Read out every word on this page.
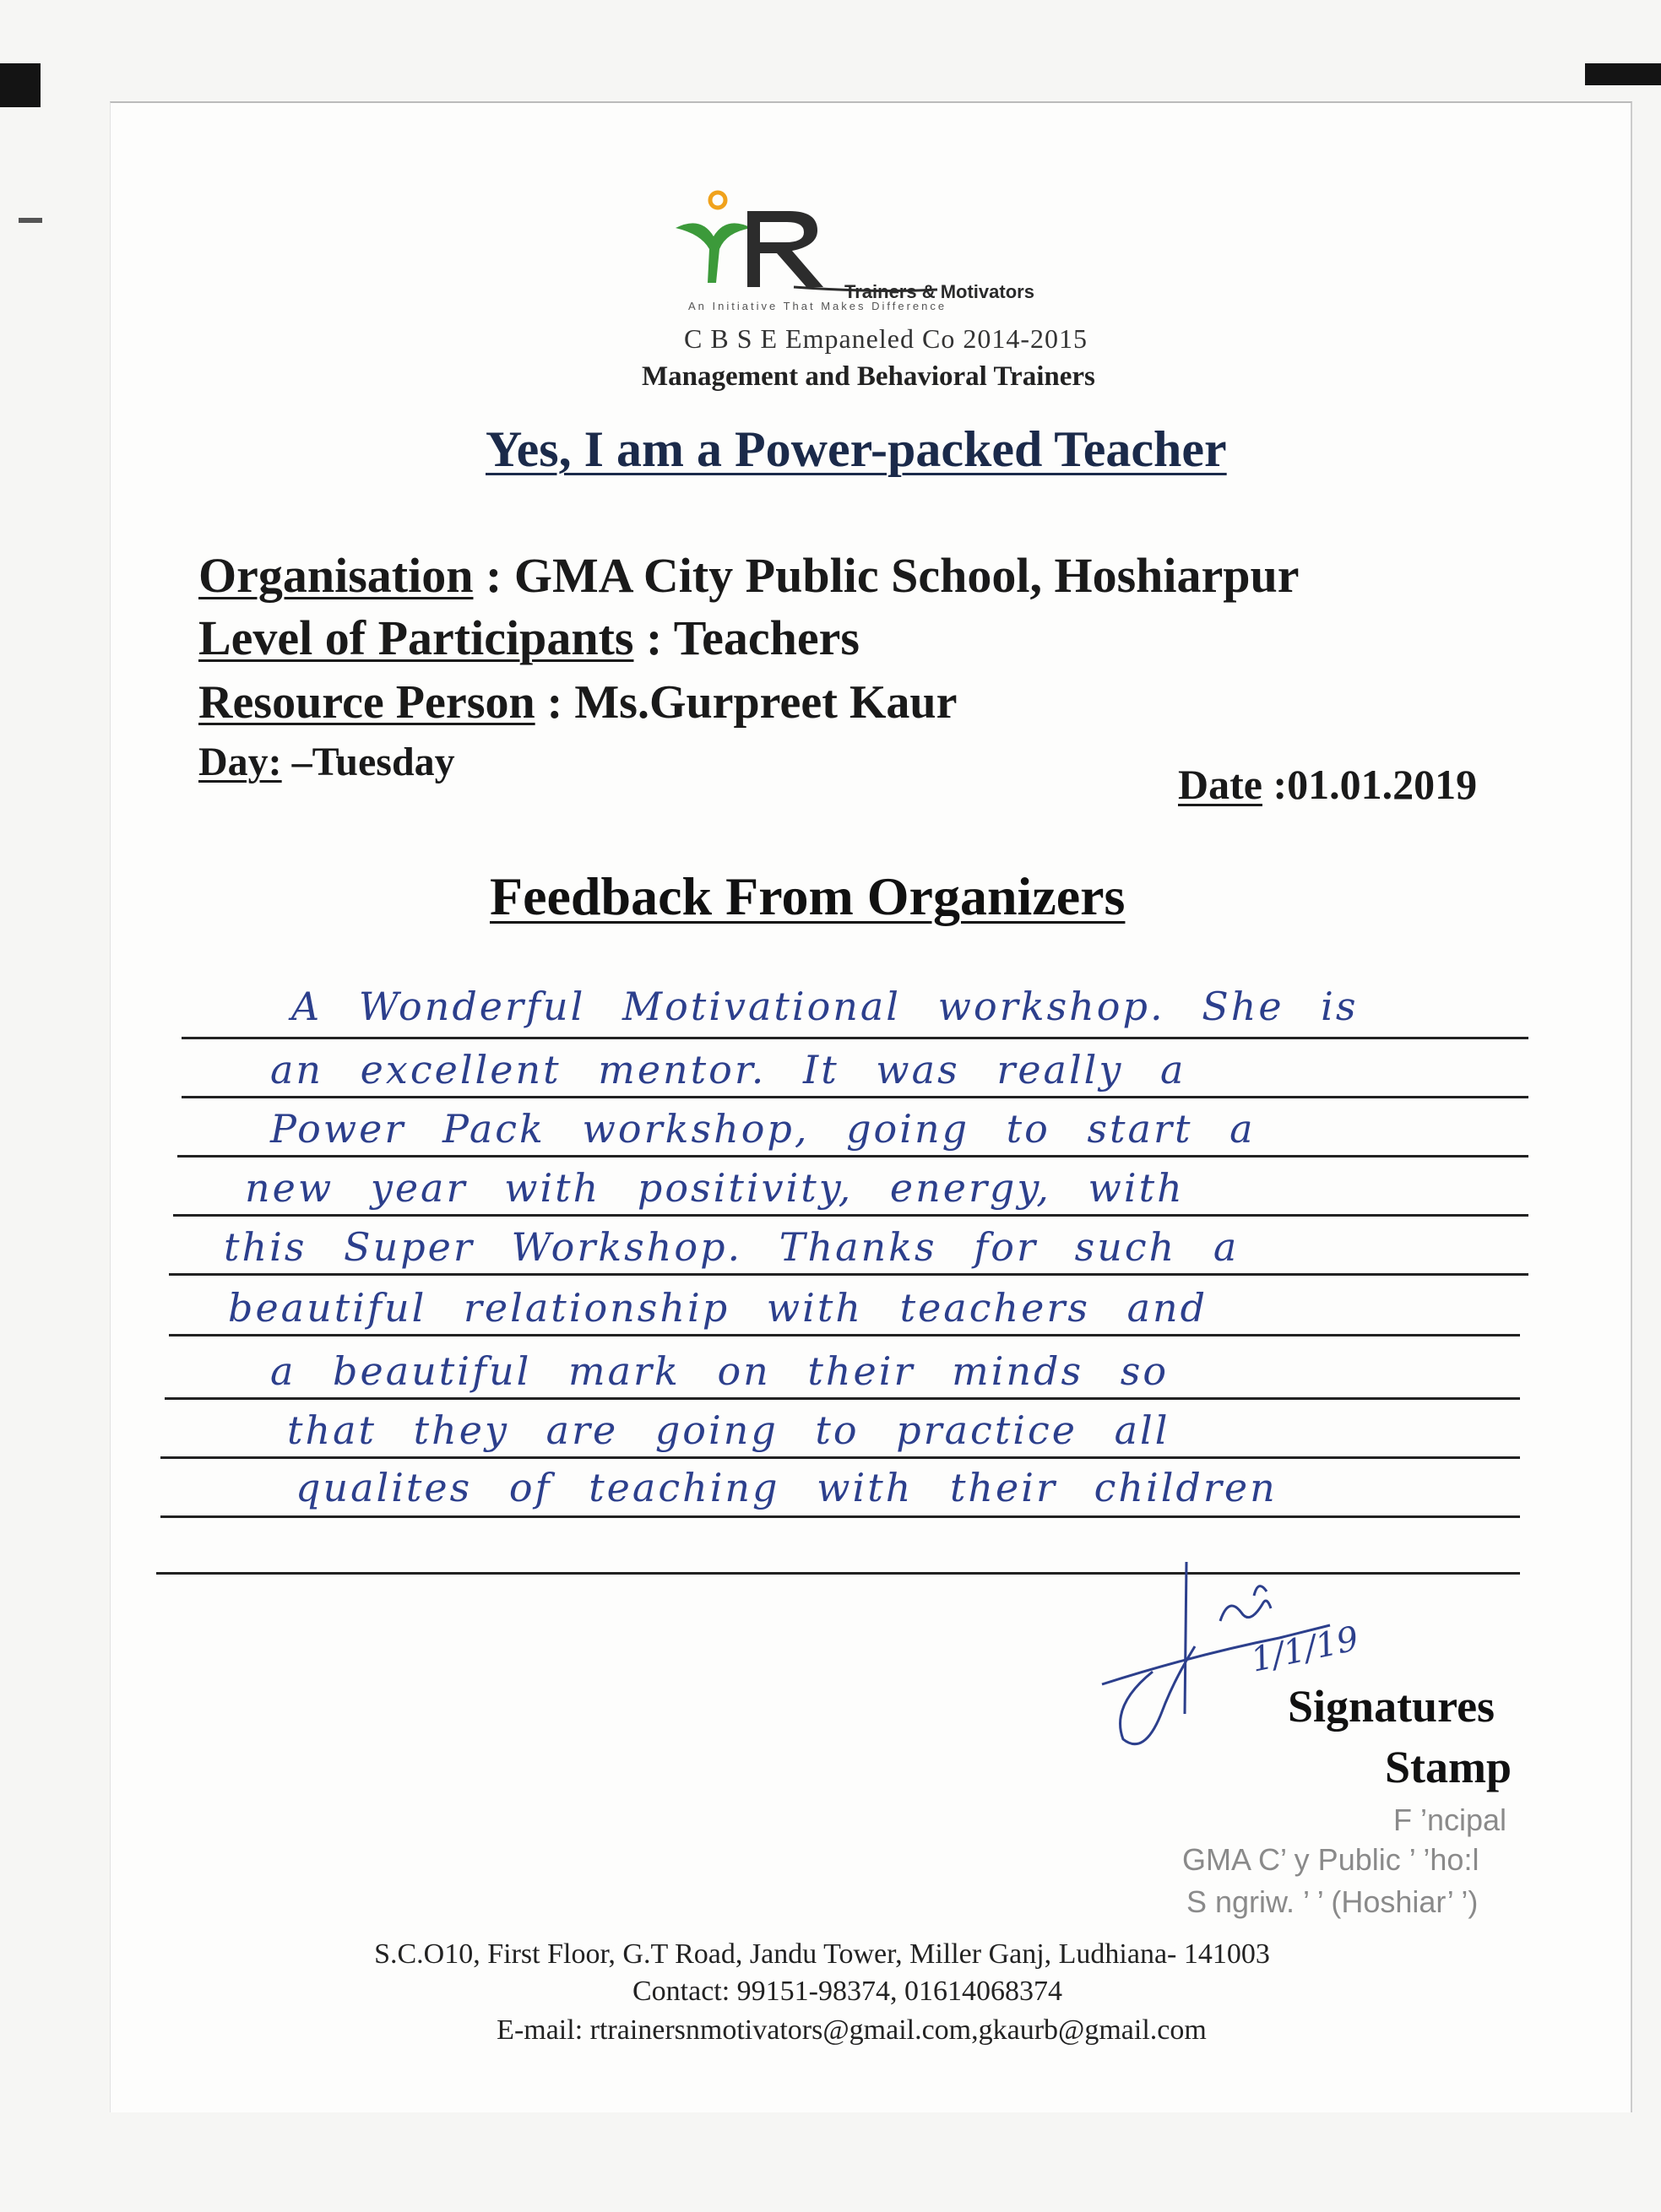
Trainers & Motivators
An Initiative That Makes Difference
C B S E Empaneled Co 2014-2015
Management and Behavioral Trainers
Yes, I am a Power-packed Teacher
Organisation : GMA City Public School, Hoshiarpur
Level of Participants : Teachers
Resource Person : Ms.Gurpreet Kaur
Day: –Tuesday	Date :01.01.2019
Feedback From Organizers
A Wonderful Motivational workshop. She is
an excellent mentor. It was really a
Power Pack workshop, going to start a
new year with positivity, energy, with
this Super Workshop. Thanks for such a
beautiful relationship with teachers and
a beautiful mark on their minds so
that they are going to practice all
qualites of teaching with their children
1/1/19
Signatures
Stamp
F ’ncipal
GMA C’ y Public ’ ’ho:l
S ngriw. ’ ’ (Hoshiar’ ’)
S.C.O10, First Floor, G.T Road, Jandu Tower, Miller Ganj, Ludhiana- 141003
Contact: 99151-98374, 01614068374
E-mail: rtrainersnmotivators@gmail.com,gkaurb@gmail.com
